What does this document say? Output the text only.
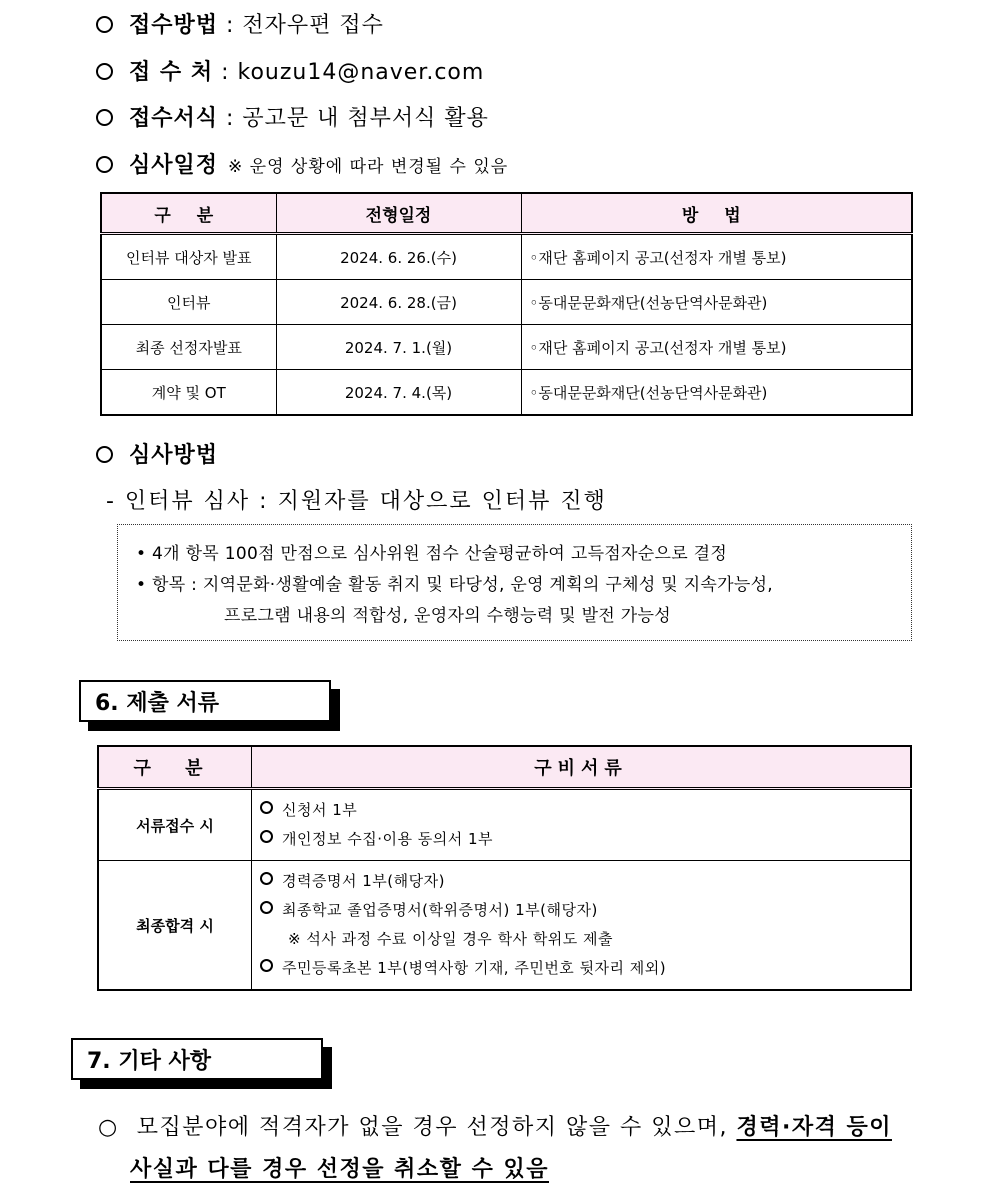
접수방법 : 전자우편 접수
접 수 처 : kouzu14@naver.com
접수서식 : 공고문 내 첨부서식 활용
심사일정 ※ 운영 상황에 따라 변경될 수 있음
구 분	전형일정	방 법
인터뷰 대상자 발표	2024. 6. 26.(수)	◦재단 홈페이지 공고(선정자 개별 통보)
인터뷰	2024. 6. 28.(금)	◦동대문문화재단(선농단역사문화관)
최종 선정자발표	2024. 7. 1.(월)	◦재단 홈페이지 공고(선정자 개별 통보)
계약 및 OT	2024. 7. 4.(목)	◦동대문문화재단(선농단역사문화관)
심사방법
- 인터뷰 심사 : 지원자를 대상으로 인터뷰 진행
• 4개 항목 100점 만점으로 심사위원 점수 산술평균하여 고득점자순으로 결정
• 항목 : 지역문화·생활예술 활동 취지 및 타당성, 운영 계획의 구체성 및 지속가능성,
프로그램 내용의 적합성, 운영자의 수행능력 및 발전 가능성
6. 제출 서류
구 분	구비서류
서류접수 시	신청서 1부
개인정보 수집·이용 동의서 1부

최종합격 시	경력증명서 1부(해당자)
최종학교 졸업증명서(학위증명서) 1부(해당자)
※ 석사 과정 수료 이상일 경우 학사 학위도 제출
주민등록초본 1부(병역사항 기재, 주민번호 뒷자리 제외)
7. 기타 사항
○ 모집분야에 적격자가 없을 경우 선정하지 않을 수 있으며, 경력·자격 등이
사실과 다를 경우 선정을 취소할 수 있음
